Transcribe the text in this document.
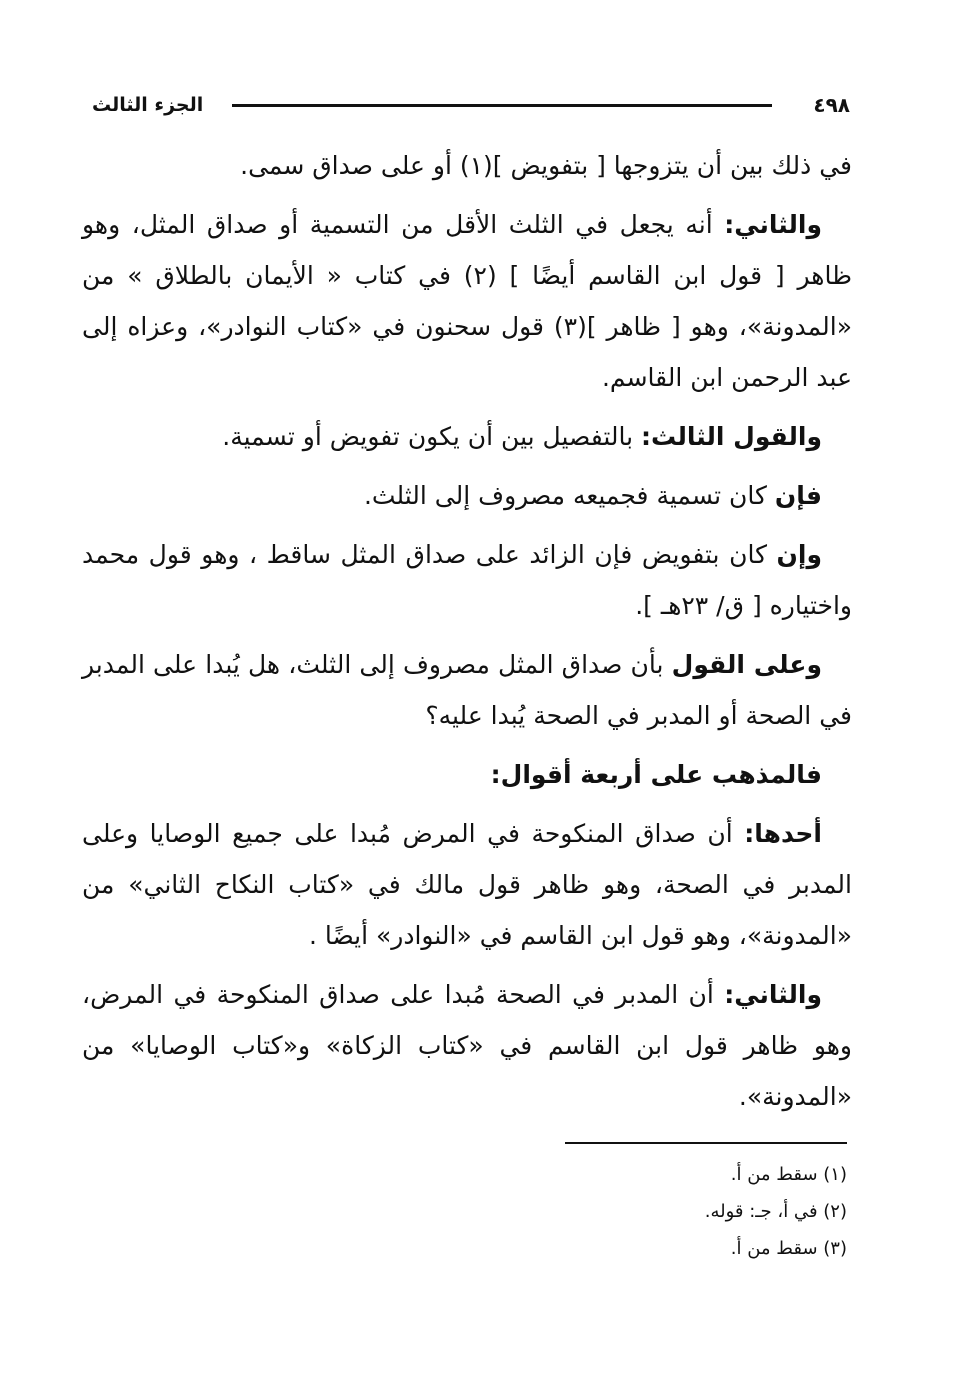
٤٩٨
الجزء الثالث

في ذلك بين أن يتزوجها [ بتفويض ](١) أو على صداق سمى.

والثاني: أنه يجعل في الثلث الأقل من التسمية أو صداق المثل، وهو ظاهر [ قول ابن القاسم أيضًا ] (٢) في كتاب « الأيمان بالطلاق » من «المدونة»، وهو [ ظاهر ](٣) قول سحنون في «كتاب النوادر»، وعزاه إلى عبد الرحمن ابن القاسم.

والقول الثالث: بالتفصيل بين أن يكون تفويض أو تسمية.

فإن كان تسمية فجميعه مصروف إلى الثلث.

وإن كان بتفويض فإن الزائد على صداق المثل ساقط ، وهو قول محمد واختياره [ ق/ ٢٣هـ ].

وعلى القول بأن صداق المثل مصروف إلى الثلث، هل يُبدا على المدبر في الصحة أو المدبر في الصحة يُبدا عليه؟

فالمذهب على أربعة أقوال:

أحدها: أن صداق المنكوحة في المرض مُبدا على جميع الوصايا وعلى المدبر في الصحة، وهو ظاهر قول مالك في «كتاب النكاح الثاني» من «المدونة»، وهو قول ابن القاسم في «النوادر» أيضًا .

والثاني: أن المدبر في الصحة مُبدا على صداق المنكوحة في المرض، وهو ظاهر قول ابن القاسم في «كتاب الزكاة» و«كتاب الوصايا» من «المدونة».

(١) سقط من أ.
(٢) في أ، جـ: قوله.
(٣) سقط من أ.
